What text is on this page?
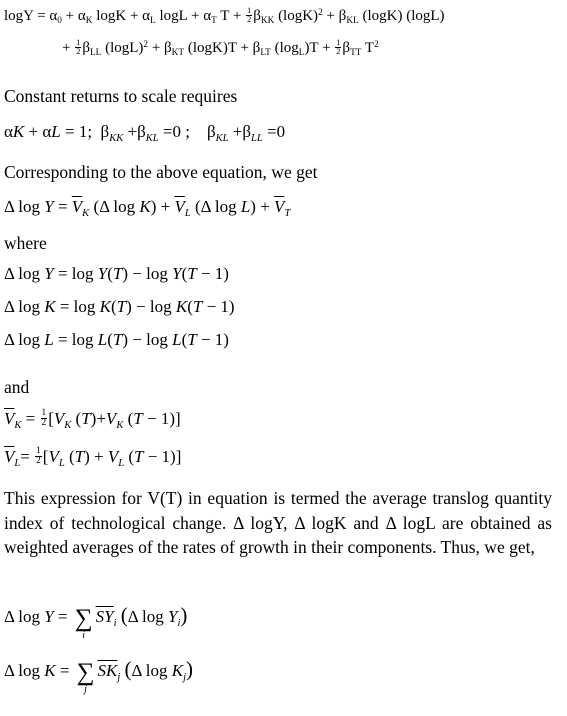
$\log Y = \alpha_0 + \alpha_K$ $\log K + \alpha_L$ $\log L + \alpha_T$ $T + \frac{1}{2} \beta_{KK}$ $(\log K)^2 + \beta_{KL}$ (logK) (logL)
+ $\frac{1}{2} \beta_{LL}$ $(\log L)^2 + \beta_{KT}$ $(\log K)T + \beta_{LT}$ $(\log_L)T + \frac{1}{2} \beta_{TT}$ $T^2$
Constant returns to scale requires
αK + αL = 1;  $\beta_{KK} +\beta_{KL} =0$ ;    $\beta_{KL} +\beta_{LL} =0$
Corresponding to the above equation, we get
Δ $\log Y = \overline{V}_K$ (Δ $\log K) + \overline{V}_L$ (Δ $\log L) + \overline{V}_T$
where
Δ log Y = log Y(T) − log Y(T − 1)
Δ log K = log K(T) − log K(T − 1)
Δ log L = log L(T) − log L(T − 1)
and
$\overline{V}_K = \frac{1}{2} [V_K$ $(T)+V_K$ (T − 1)]
$\overline{V}_L= \frac{1}{2} [V_L$ $(T) + V_L$ (T − 1)]
This expression for V(T) in equation is termed the average translog quantity index of technological change. Δ logY, Δ logK and Δ logL are obtained as weighted averages of the rates of growth in their components. Thus, we get,
Δ log Y = ∑
i
$\overline{SY}_i$ (Δ $\log Y_i$)
Δ log K = ∑
j
$\overline{SK}_j$ (Δ $\log K_j$)
